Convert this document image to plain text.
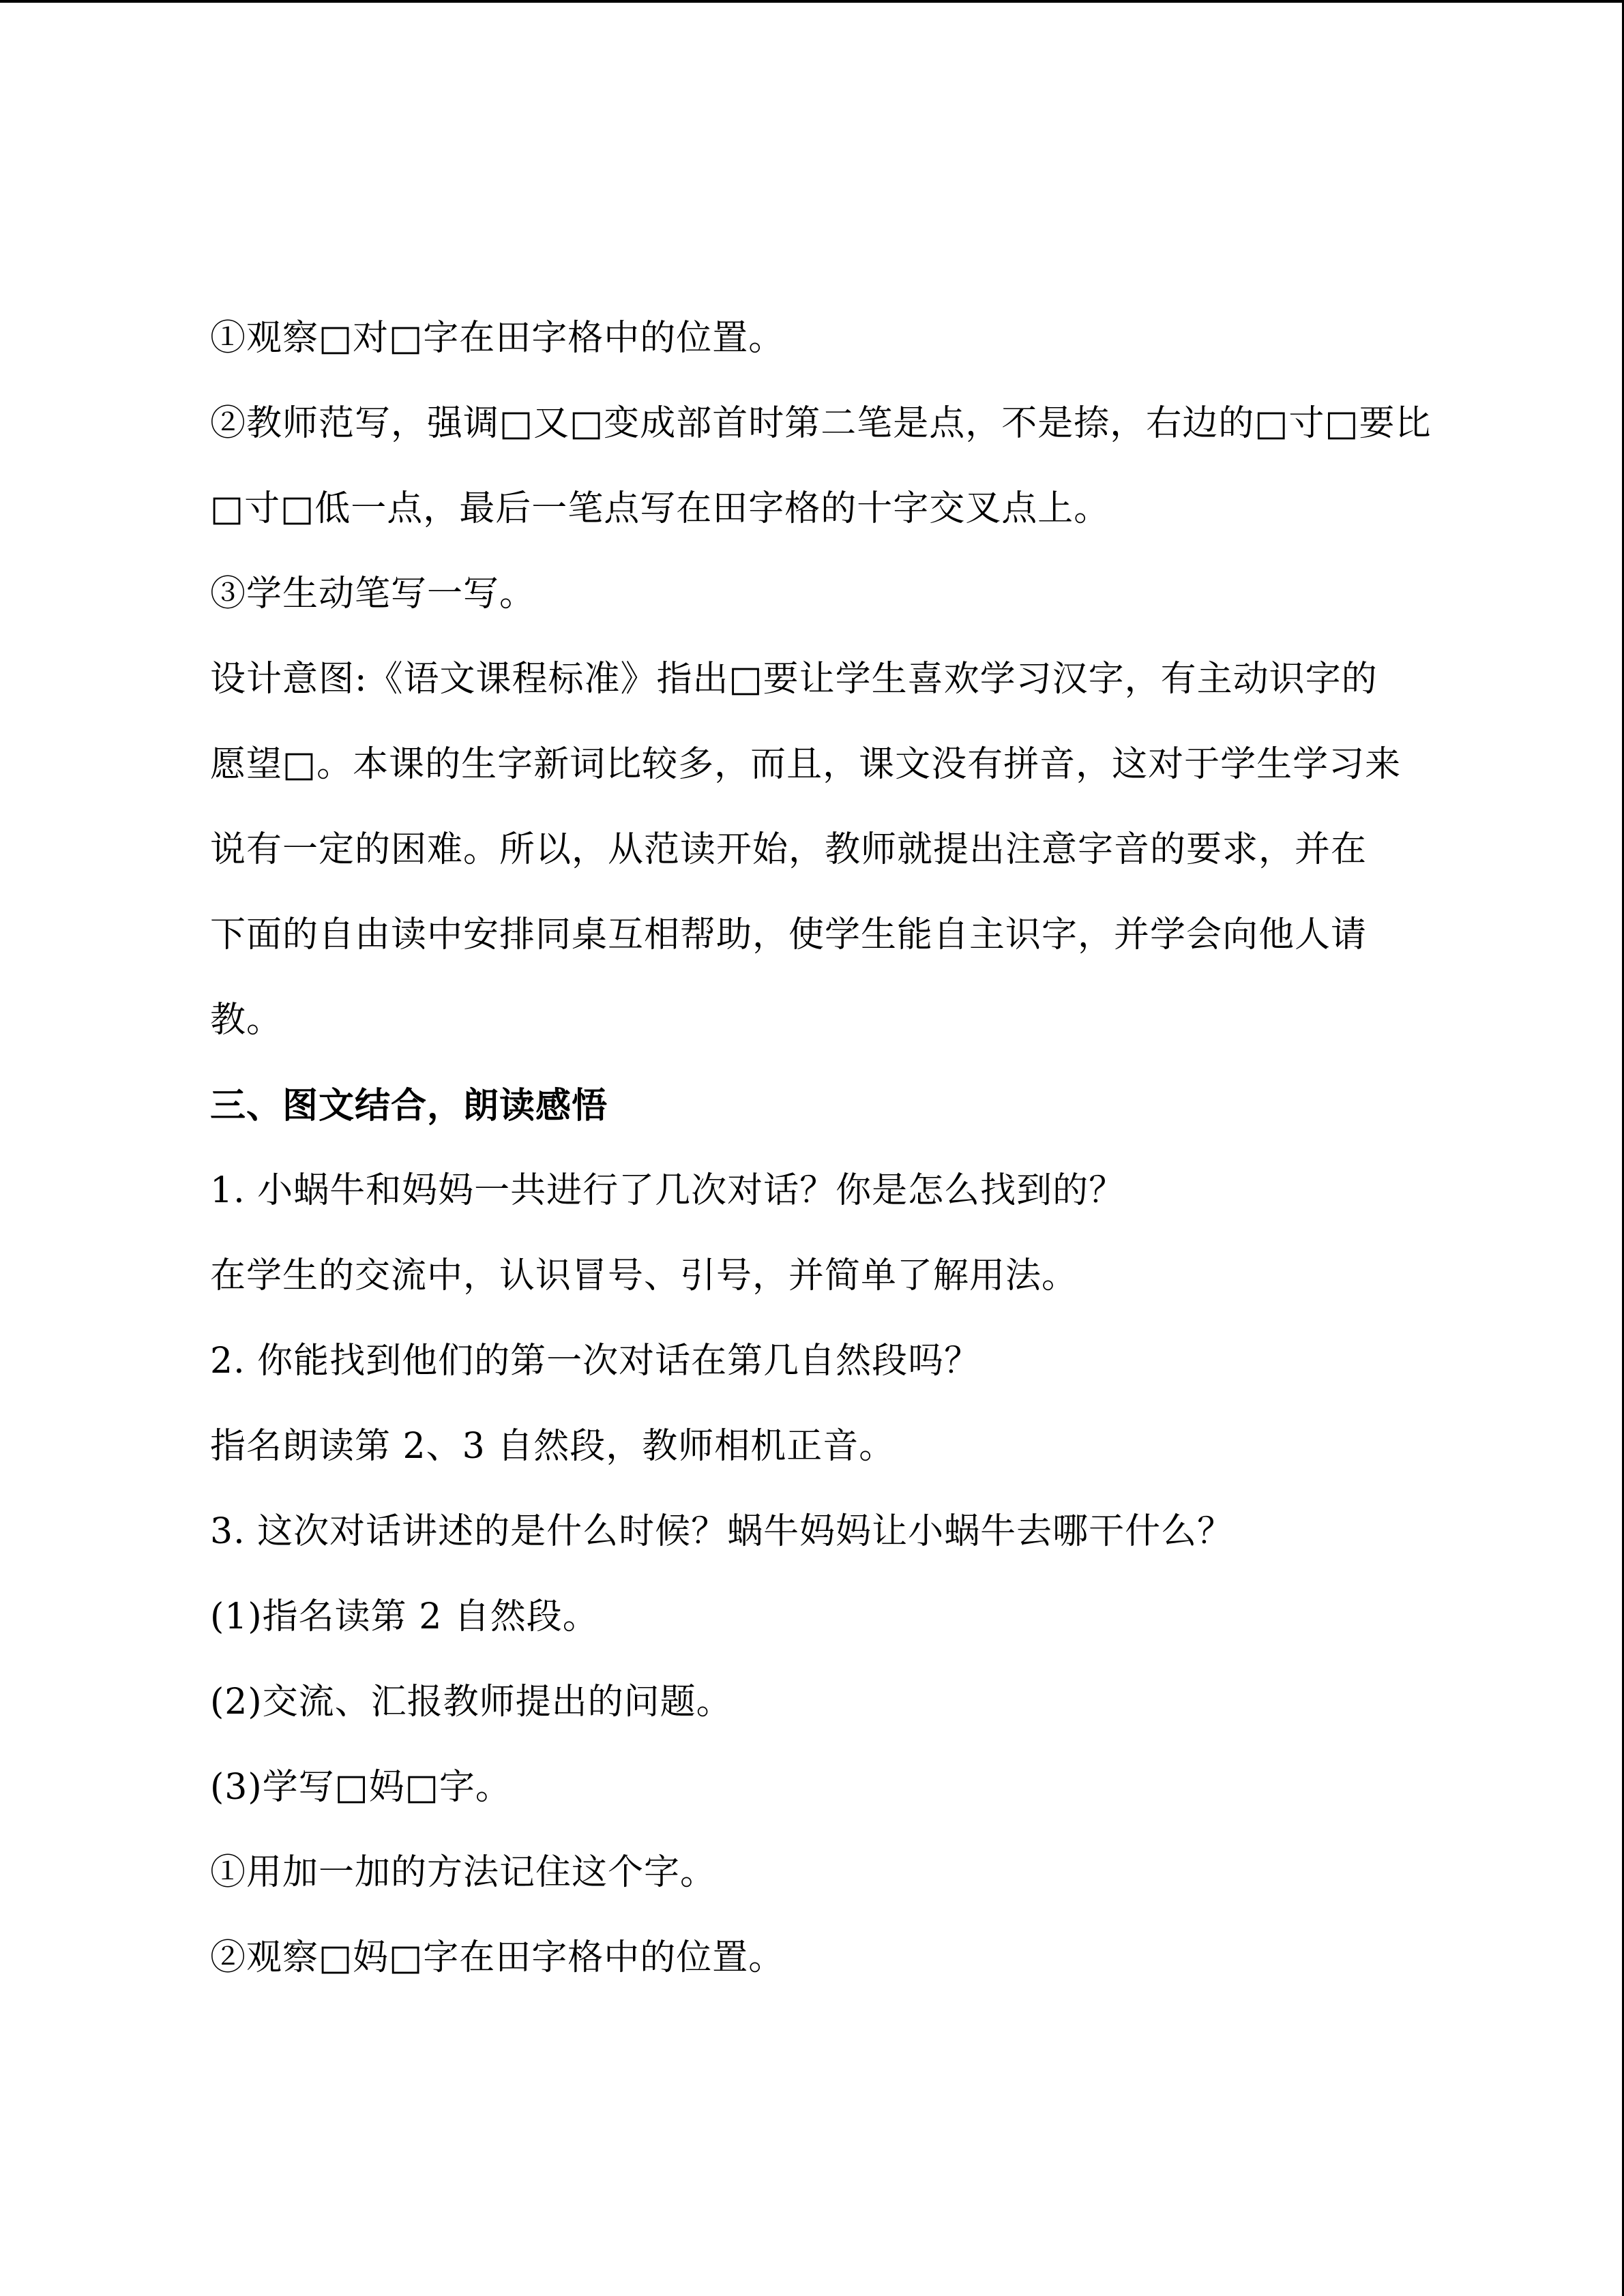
①观察□对□字在田字格中的位置。
②教师范写，强调□又□变成部首时第二笔是点，不是捺，右边的□寸□要比
□寸□低一点，最后一笔点写在田字格的十字交叉点上。
③学生动笔写一写。
设计意图:《语文课程标准》指出□要让学生喜欢学习汉字，有主动识字的
愿望□。本课的生字新词比较多，而且，课文没有拼音，这对于学生学习来
说有一定的困难。所以，从范读开始，教师就提出注意字音的要求，并在
下面的自由读中安排同桌互相帮助，使学生能自主识字，并学会向他人请
教。
三、图文结合，朗读感悟
1. 小蜗牛和妈妈一共进行了几次对话？你是怎么找到的？
在学生的交流中，认识冒号、引号，并简单了解用法。
2. 你能找到他们的第一次对话在第几自然段吗？
指名朗读第 2、3 自然段，教师相机正音。
3. 这次对话讲述的是什么时候？蜗牛妈妈让小蜗牛去哪干什么？
(1)指名读第 2 自然段。
(2)交流、汇报教师提出的问题。
(3)学写□妈□字。
①用加一加的方法记住这个字。
②观察□妈□字在田字格中的位置。
